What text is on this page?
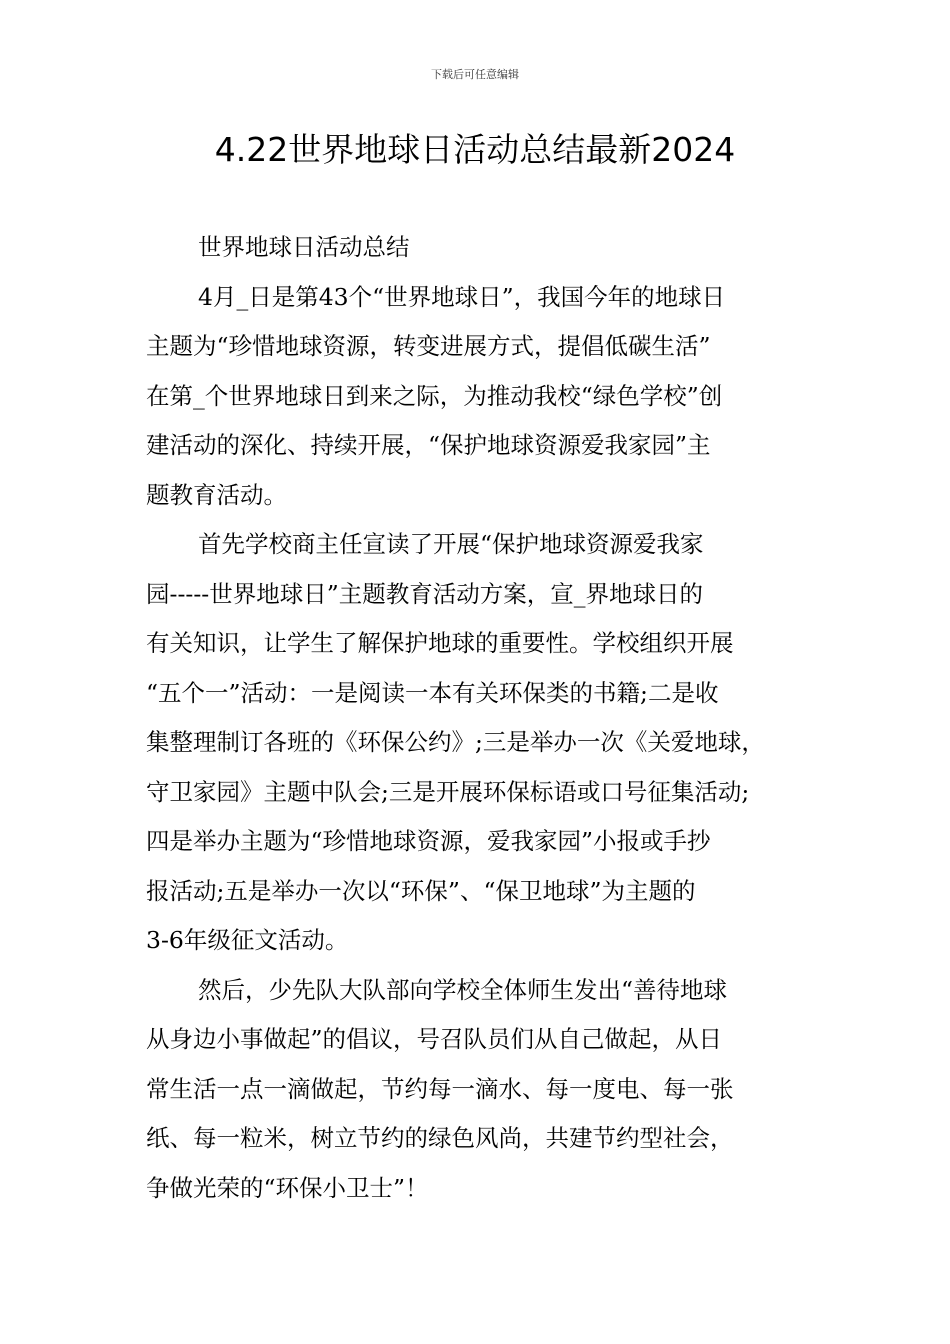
下载后可任意编辑
4.22世界地球日活动总结最新2024
世界地球日活动总结
4月_日是第43个“世界地球日”，我国今年的地球日
主题为“珍惜地球资源，转变进展方式，提倡低碳生活”
在第_个世界地球日到来之际，为推动我校“绿色学校”创
建活动的深化、持续开展，“保护地球资源爱我家园”主
题教育活动。
首先学校商主任宣读了开展“保护地球资源爱我家
园-----世界地球日”主题教育活动方案，宣_界地球日的
有关知识，让学生了解保护地球的重要性。学校组织开展
“五个一”活动：一是阅读一本有关环保类的书籍;二是收
集整理制订各班的《环保公约》;三是举办一次《关爱地球，
守卫家园》主题中队会;三是开展环保标语或口号征集活动;
四是举办主题为“珍惜地球资源，爱我家园”小报或手抄
报活动;五是举办一次以“环保”、“保卫地球”为主题的
3-6年级征文活动。
然后，少先队大队部向学校全体师生发出“善待地球
从身边小事做起”的倡议，号召队员们从自己做起，从日
常生活一点一滴做起，节约每一滴水、每一度电、每一张
纸、每一粒米，树立节约的绿色风尚，共建节约型社会，
争做光荣的“环保小卫士”！
